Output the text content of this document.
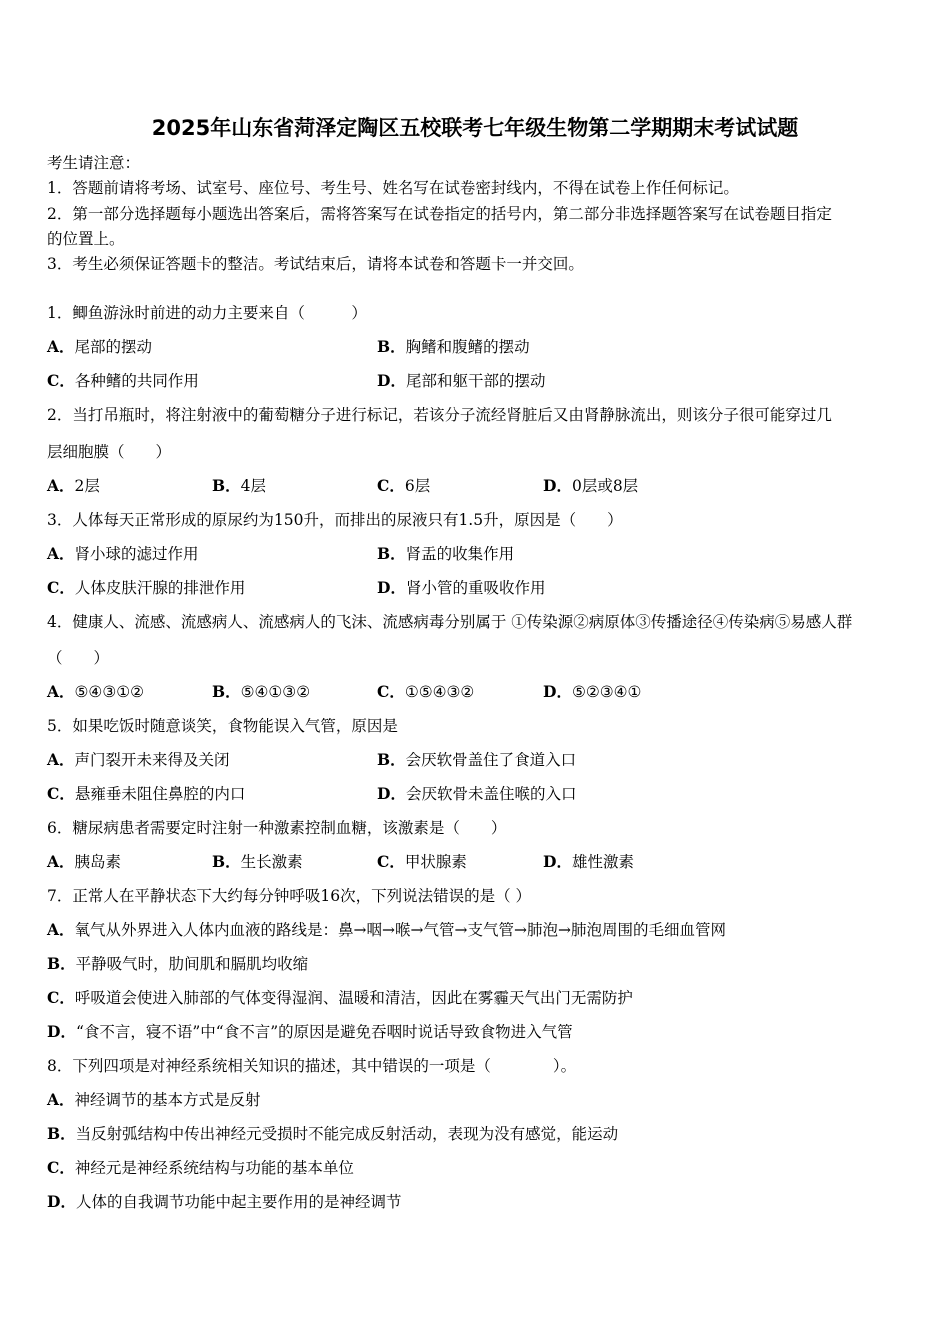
2025年山东省菏泽定陶区五校联考七年级生物第二学期期末考试试题
考生请注意：
1．答题前请将考场、试室号、座位号、考生号、姓名写在试卷密封线内，不得在试卷上作任何标记。
2．第一部分选择题每小题选出答案后，需将答案写在试卷指定的括号内，第二部分非选择题答案写在试卷题目指定
的位置上。
3．考生必须保证答题卡的整洁。考试结束后，请将本试卷和答题卡一并交回。
1．鲫鱼游泳时前进的动力主要来自（　　　）
A．尾部的摆动	B．胸鳍和腹鳍的摆动
C．各种鳍的共同作用	D．尾部和躯干部的摆动
2．当打吊瓶时，将注射液中的葡萄糖分子进行标记，若该分子流经肾脏后又由肾静脉流出，则该分子很可能穿过几
层细胞膜（　　）
A．2层	B．4层	C．6层	D．0层或8层
3．人体每天正常形成的原尿约为150升，而排出的尿液只有1.5升，原因是（　　）
A．肾小球的滤过作用	B．肾盂的收集作用
C．人体皮肤汗腺的排泄作用	D．肾小管的重吸收作用
4．健康人、流感、流感病人、流感病人的飞沫、流感病毒分别属于 ①传染源②病原体③传播途径④传染病⑤易感人群
（　　）
A．⑤④③①②	B．⑤④①③②	C．①⑤④③②	D．⑤②③④①
5．如果吃饭时随意谈笑，食物能误入气管，原因是
A．声门裂开未来得及关闭	B．会厌软骨盖住了食道入口
C．悬雍垂未阻住鼻腔的内口	D．会厌软骨未盖住喉的入口
6．糖尿病患者需要定时注射一种激素控制血糖，该激素是（　　）
A．胰岛素	B．生长激素	C．甲状腺素	D．雄性激素
7．正常人在平静状态下大约每分钟呼吸16次，下列说法错误的是（ ）
A．氧气从外界进入人体内血液的路线是：鼻→咽→喉→气管→支气管→肺泡→肺泡周围的毛细血管网
B．平静吸气时，肋间肌和膈肌均收缩
C．呼吸道会使进入肺部的气体变得湿润、温暖和清洁，因此在雾霾天气出门无需防护
D．“食不言，寝不语”中“食不言”的原因是避免吞咽时说话导致食物进入气管
8．下列四项是对神经系统相关知识的描述，其中错误的一项是（　　　　）。
A．神经调节的基本方式是反射
B．当反射弧结构中传出神经元受损时不能完成反射活动，表现为没有感觉，能运动
C．神经元是神经系统结构与功能的基本单位
D．人体的自我调节功能中起主要作用的是神经调节
